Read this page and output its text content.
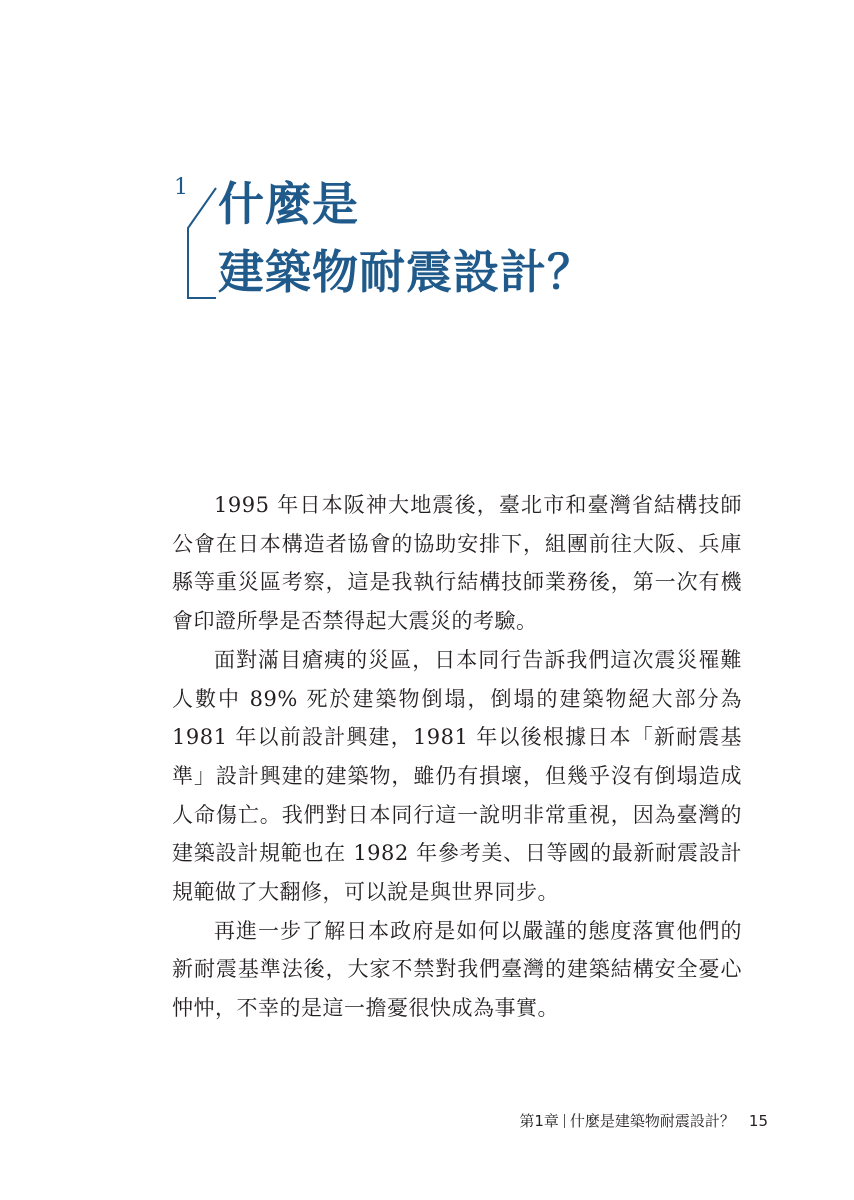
1 什麼是
建築物耐震設計？

1995 年日本阪神大地震後，臺北市和臺灣省結構技師公會在日本構造者協會的協助安排下，組團前往大阪、兵庫縣等重災區考察，這是我執行結構技師業務後，第一次有機會印證所學是否禁得起大震災的考驗。

面對滿目瘡痍的災區，日本同行告訴我們這次震災罹難人數中 89% 死於建築物倒塌，倒塌的建築物絕大部分為 1981 年以前設計興建，1981 年以後根據日本「新耐震基準」設計興建的建築物，雖仍有損壞，但幾乎沒有倒塌造成人命傷亡。我們對日本同行這一說明非常重視，因為臺灣的建築設計規範也在 1982 年參考美、日等國的最新耐震設計規範做了大翻修，可以說是與世界同步。

再進一步了解日本政府是如何以嚴謹的態度落實他們的新耐震基準法後，大家不禁對我們臺灣的建築結構安全憂心忡忡，不幸的是這一擔憂很快成為事實。

第 1 章 什麼是建築物耐震設計？ 15
